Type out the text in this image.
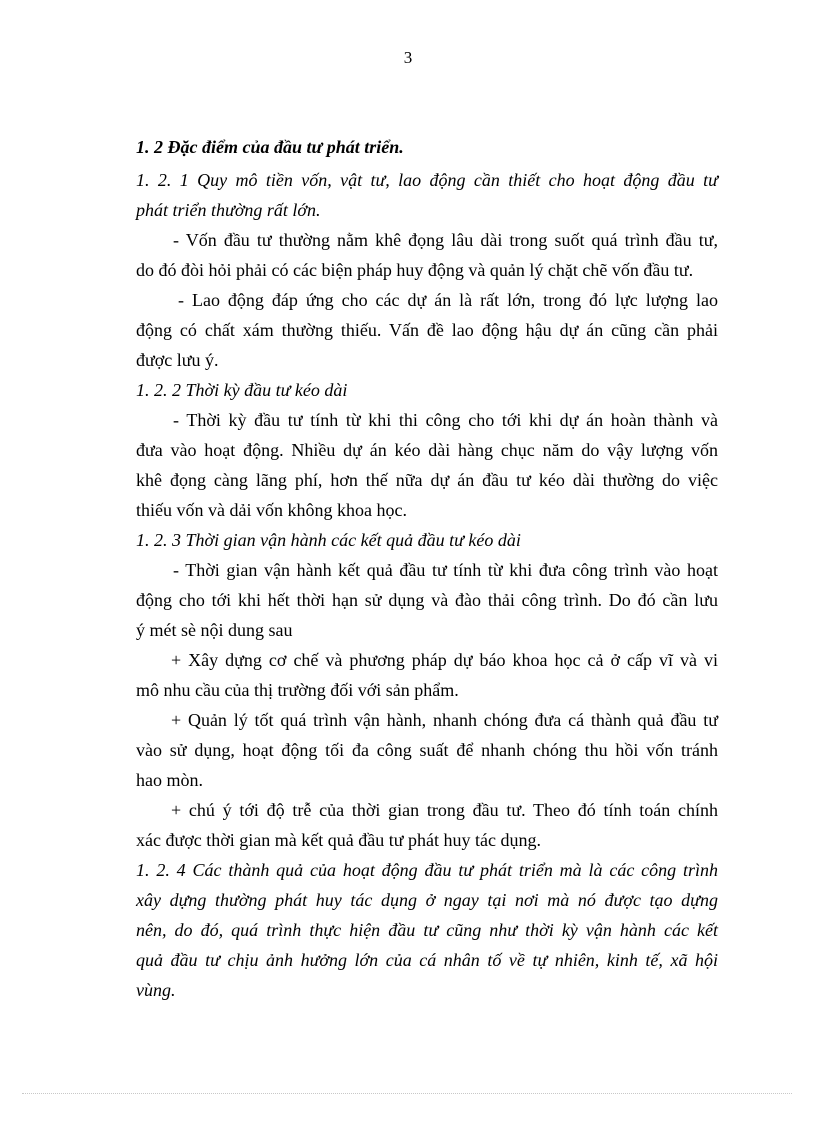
3
1. 2 Đặc điểm của đầu tư phát triển.
1. 2. 1 Quy mô tiền vốn, vật tư, lao động cần thiết cho hoạt động đầu tư
phát triển thường rất lớn.
- Vốn đầu tư thường nằm khê đọng lâu dài trong suốt quá trình đầu tư,
do đó đòi hỏi phải có các biện pháp huy động và quản lý chặt chẽ vốn đầu tư.
- Lao động đáp ứng cho các dự án là rất lớn, trong đó lực lượng lao
động có chất xám thường thiếu. Vấn đề lao động hậu dự án cũng cần phải
được lưu ý.
1. 2. 2 Thời kỳ đầu tư kéo dài
- Thời kỳ đầu tư tính từ khi thi công cho tới khi dự án hoàn thành và
đưa vào hoạt động. Nhiều dự án kéo dài hàng chục năm do vậy lượng vốn
khê đọng càng lãng phí, hơn thế nữa dự án đầu tư kéo dài thường do việc
thiếu vốn và dải vốn không khoa học.
1. 2. 3 Thời gian vận hành các kết quả đầu tư kéo dài
- Thời gian vận hành kết quả đầu tư tính từ khi đưa công trình vào hoạt
động cho tới khi hết thời hạn sử dụng và đào thải công trình. Do đó cần lưu
ý mét sè nội dung sau
+ Xây dựng cơ chế và phương pháp dự báo khoa học cả ở cấp vĩ và vi
mô nhu cầu của thị trường đối với sản phẩm.
+ Quản lý tốt quá trình vận hành, nhanh chóng đưa cá thành quả đầu tư
vào sử dụng, hoạt động tối đa công suất để nhanh chóng thu hồi vốn tránh
hao mòn.
+ chú ý tới độ trễ của thời gian trong đầu tư. Theo đó tính toán chính
xác được thời gian mà kết quả đầu tư phát huy tác dụng.
1. 2. 4 Các thành quả của hoạt động đầu tư phát triển mà là các công trình
xây dựng thường phát huy tác dụng ở ngay tại nơi mà nó được tạo dựng
nên, do đó, quá trình thực hiện đầu tư cũng như thời kỳ vận hành các kết
quả đầu tư chịu ảnh hưởng lớn của cá nhân tố về tự nhiên, kinh tế, xã hội
vùng.
